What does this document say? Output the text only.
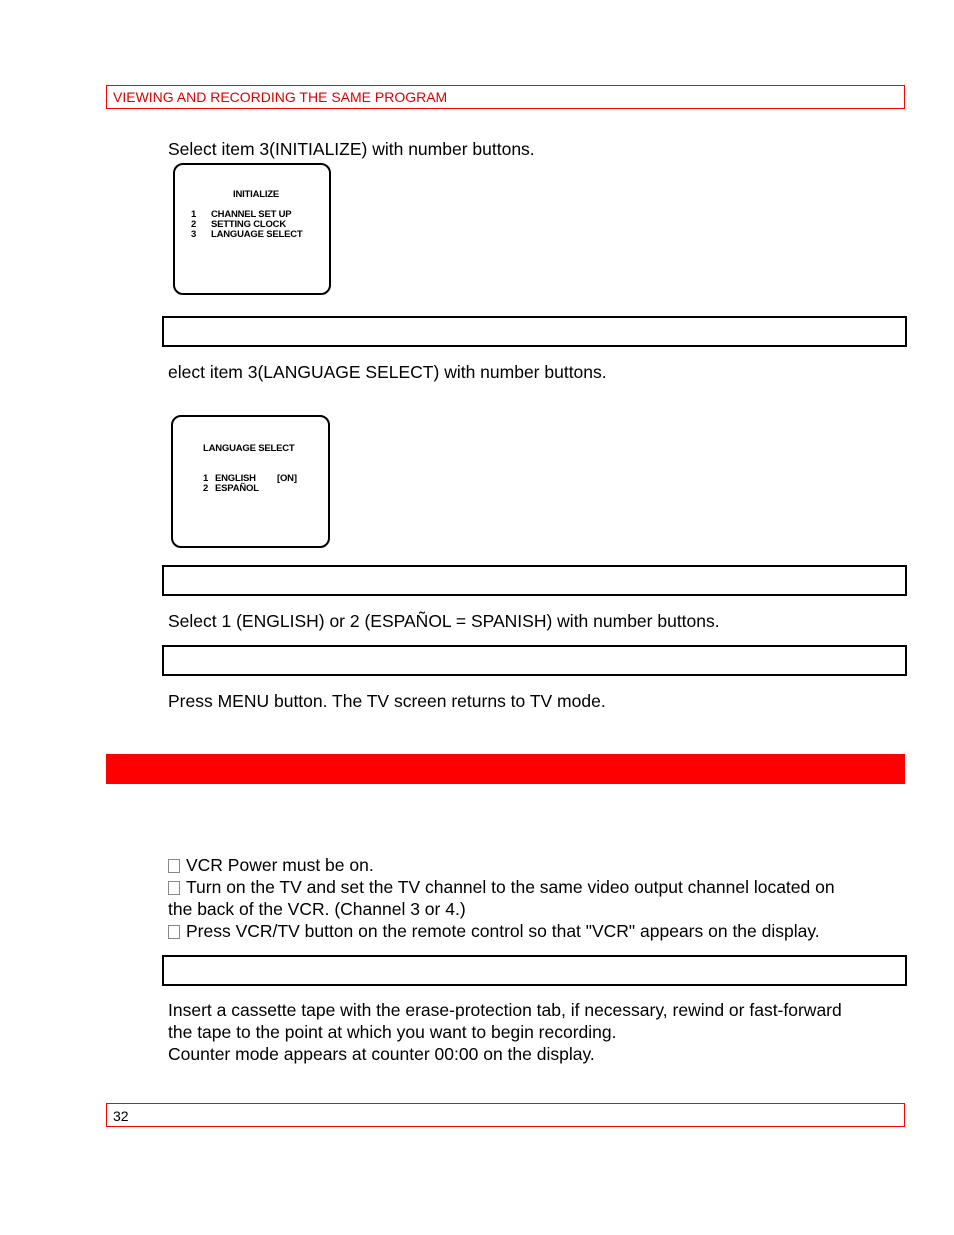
VIEWING AND RECORDING THE SAME PROGRAM
Select item 3(INITIALIZE) with number buttons.
INITIALIZE
1 CHANNEL SET UP
2 SETTING CLOCK
3 LANGUAGE SELECT
elect item 3(LANGUAGE SELECT) with number buttons.
LANGUAGE SELECT
1 ENGLISH [ON]
2 ESPAÑOL
Select 1 (ENGLISH) or 2 (ESPAÑOL = SPANISH) with number buttons.
Press MENU button. The TV screen returns to TV mode.
VCR Power must be on.
Turn on the TV and set the TV channel to the same video output channel located on
the back of the VCR. (Channel 3 or 4.)
Press VCR/TV button on the remote control so that "VCR" appears on the display.
Insert a cassette tape with the erase-protection tab, if necessary, rewind or fast-forward
the tape to the point at which you want to begin recording.
Counter mode appears at counter 00:00 on the display.
32
